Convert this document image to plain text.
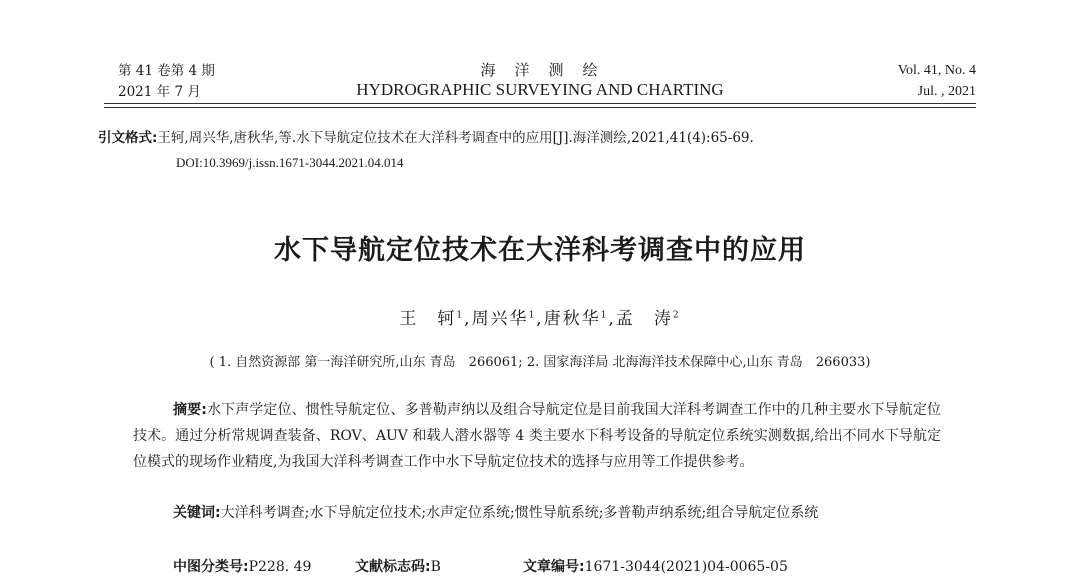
第 41 卷第 4 期
2021 年 7 月
海　洋　测　绘
HYDROGRAPHIC SURVEYING AND CHARTING
Vol. 41, No. 4
Jul. , 2021
引文格式:王轲,周兴华,唐秋华,等.水下导航定位技术在大洋科考调查中的应用[J].海洋测绘,2021,41(4):65-69.
DOI:10.3969/j.issn.1671-3044.2021.04.014
水下导航定位技术在大洋科考调查中的应用
王　轲$^1$,周兴华$^1$,唐秋华$^1$,孟　涛$^2$
( 1. 自然资源部 第一海洋研究所,山东 青岛　266061; 2. 国家海洋局 北海海洋技术保障中心,山东 青岛　266033)
摘要:水下声学定位、惯性导航定位、多普勒声纳以及组合导航定位是目前我国大洋科考调查工作中的几种主要水下导航定位技术。通过分析常规调查装备、ROV、AUV 和载人潜水器等 4 类主要水下科考设备的导航定位系统实测数据,给出不同水下导航定位模式的现场作业精度,为我国大洋科考调查工作中水下导航定位技术的选择与应用等工作提供参考。
关键词:大洋科考调查;水下导航定位技术;水声定位系统;惯性导航系统;多普勒声纳系统;组合导航定位系统
中图分类号:P228. 49	文献标志码:B	文章编号:1671-3044(2021)04-0065-05
